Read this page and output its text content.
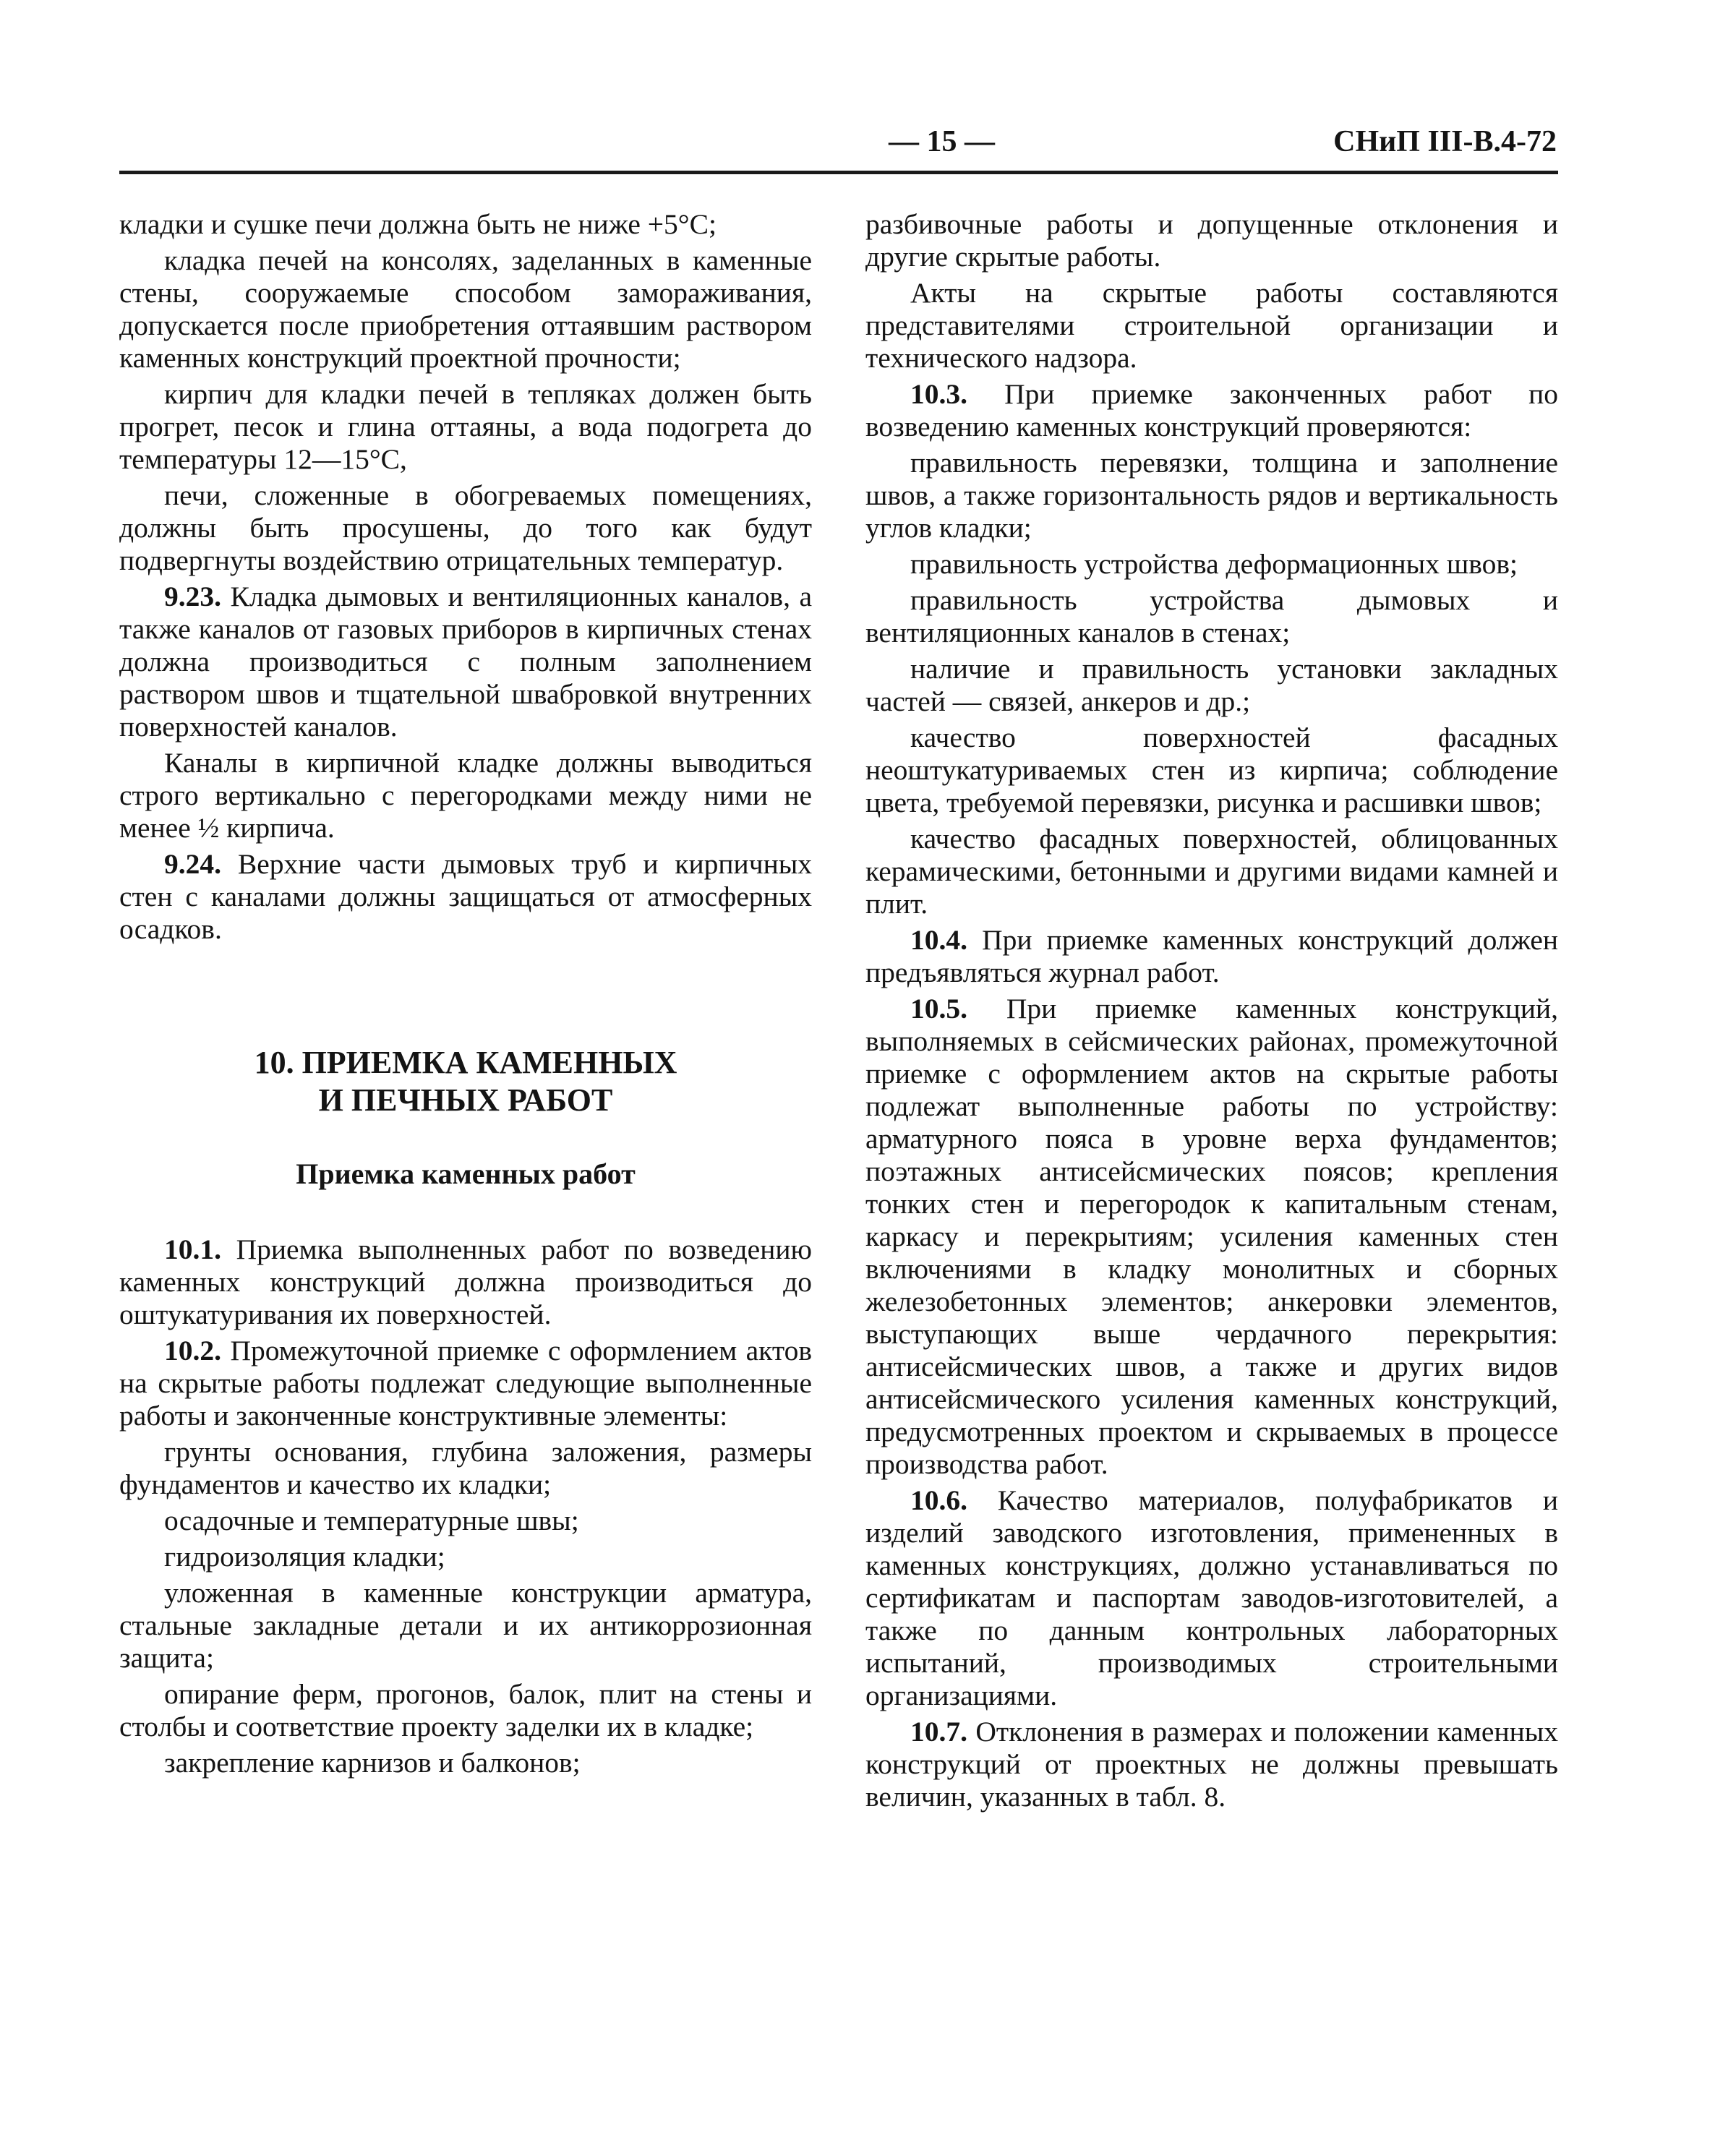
— 15 —	СНиП III-В.4-72

кладки и сушке печи должна быть не ниже +5°С;

кладка печей на консолях, заделанных в каменные стены, сооружаемые способом замораживания, допускается после приобретения оттаявшим раствором каменных конструкций проектной прочности;

кирпич для кладки печей в тепляках должен быть прогрет, песок и глина оттаяны, а вода подогрета до температуры 12—15°С,

печи, сложенные в обогреваемых помещениях, должны быть просушены, до того как будут подвергнуты воздействию отрицательных температур.

9.23. Кладка дымовых и вентиляционных каналов, а также каналов от газовых приборов в кирпичных стенах должна производиться с полным заполнением раствором швов и тщательной швабровкой внутренних поверхностей каналов.

Каналы в кирпичной кладке должны выводиться строго вертикально с перегородками между ними не менее ½ кирпича.

9.24. Верхние части дымовых труб и кирпичных стен с каналами должны защищаться от атмосферных осадков.

10. ПРИЕМКА КАМЕННЫХ
И ПЕЧНЫХ РАБОТ
Приемка каменных работ

10.1. Приемка выполненных работ по возведению каменных конструкций должна производиться до оштукатуривания их поверхностей.

10.2. Промежуточной приемке с оформлением актов на скрытые работы подлежат следующие выполненные работы и законченные конструктивные элементы:

грунты основания, глубина заложения, размеры фундаментов и качество их кладки;

осадочные и температурные швы;

гидроизоляция кладки;

уложенная в каменные конструкции арматура, стальные закладные детали и их антикоррозионная защита;

опирание ферм, прогонов, балок, плит на стены и столбы и соответствие проекту заделки их в кладке;

закрепление карнизов и балконов;

разбивочные работы и допущенные отклонения и другие скрытые работы.

Акты на скрытые работы составляются представителями строительной организации и технического надзора.

10.3. При приемке законченных работ по возведению каменных конструкций проверяются:

правильность перевязки, толщина и заполнение швов, а также горизонтальность рядов и вертикальность углов кладки;

правильность устройства деформационных швов;

правильность устройства дымовых и вентиляционных каналов в стенах;

наличие и правильность установки закладных частей — связей, анкеров и др.;

качество поверхностей фасадных неоштукатуриваемых стен из кирпича; соблюдение цвета, требуемой перевязки, рисунка и расшивки швов;

качество фасадных поверхностей, облицованных керамическими, бетонными и другими видами камней и плит.

10.4. При приемке каменных конструкций должен предъявляться журнал работ.

10.5. При приемке каменных конструкций, выполняемых в сейсмических районах, промежуточной приемке с оформлением актов на скрытые работы подлежат выполненные работы по устройству: арматурного пояса в уровне верха фундаментов; поэтажных антисейсмических поясов; крепления тонких стен и перегородок к капитальным стенам, каркасу и перекрытиям; усиления каменных стен включениями в кладку монолитных и сборных железобетонных элементов; анкеровки элементов, выступающих выше чердачного перекрытия: антисейсмических швов, а также и других видов антисейсмического усиления каменных конструкций, предусмотренных проектом и скрываемых в процессе производства работ.

10.6. Качество материалов, полуфабрикатов и изделий заводского изготовления, примененных в каменных конструкциях, должно устанавливаться по сертификатам и паспортам заводов-изготовителей, а также по данным контрольных лабораторных испытаний, производимых строительными организациями.

10.7. Отклонения в размерах и положении каменных конструкций от проектных не должны превышать величин, указанных в табл. 8.
